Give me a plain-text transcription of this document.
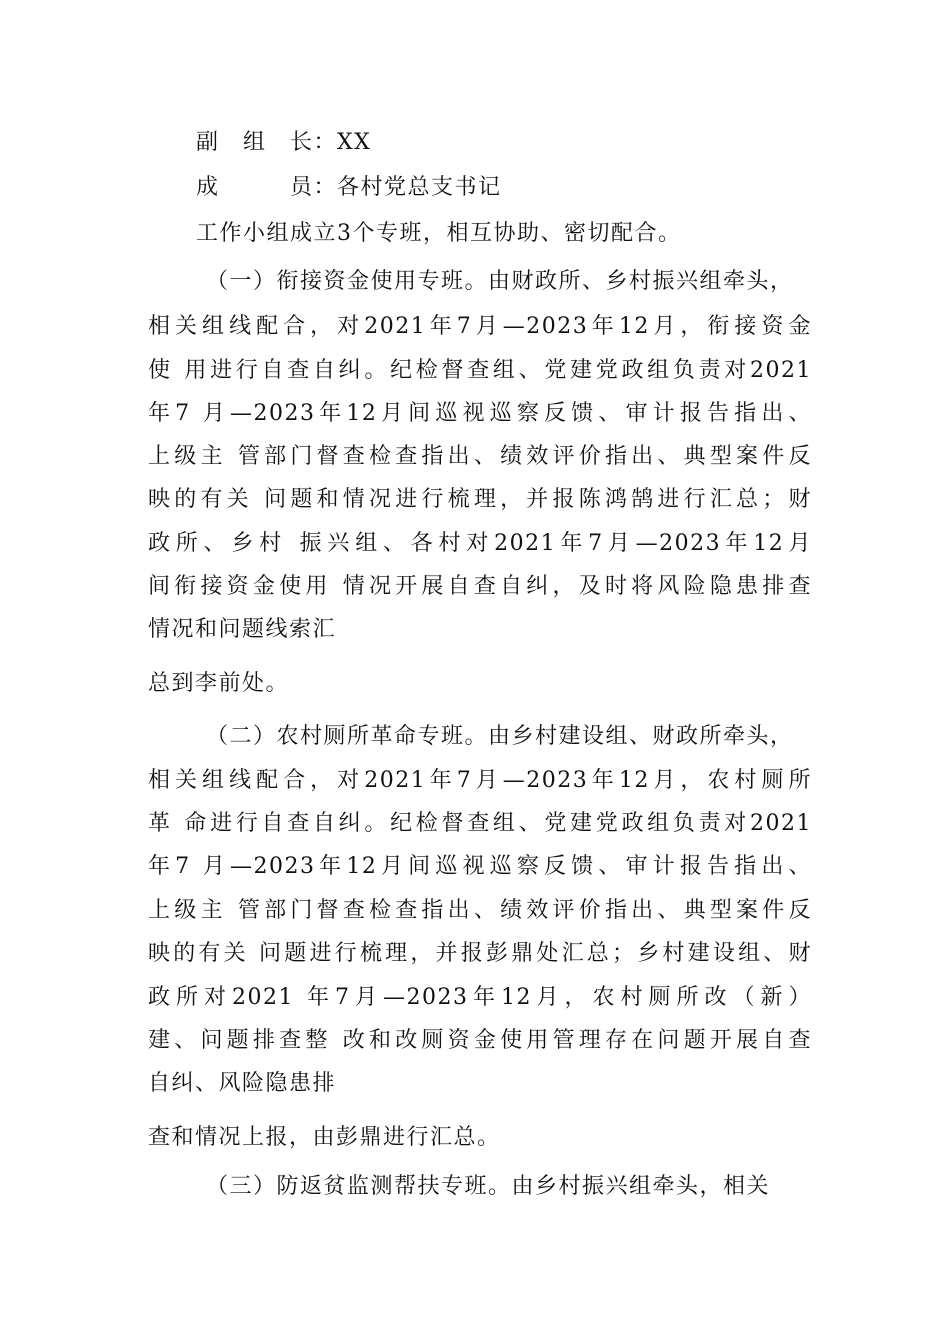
副　组　长：XX
成　　　员：各村党总支书记
工作小组成立3个专班，相互协助、密切配合。
（一）衔接资金使用专班。由财政所、乡村振兴组牵头，
相关组线配合，对2021年7月—2023年12月，衔接资金
使 用进行自查自纠。纪检督查组、党建党政组负责对2021
年7 月—2023年12月间巡视巡察反馈、审计报告指出、
上级主 管部门督查检查指出、绩效评价指出、典型案件反
映的有关 问题和情况进行梳理，并报陈鸿鹄进行汇总；财
政所、乡村 振兴组、各村对2021年7月—2023年12月
间衔接资金使用 情况开展自查自纠，及时将风险隐患排查
情况和问题线索汇
总到李前处。
（二）农村厕所革命专班。由乡村建设组、财政所牵头，
相关组线配合，对2021年7月—2023年12月，农村厕所
革 命进行自查自纠。纪检督查组、党建党政组负责对2021
年7 月—2023年12月间巡视巡察反馈、审计报告指出、
上级主 管部门督查检查指出、绩效评价指出、典型案件反
映的有关 问题进行梳理，并报彭鼎处汇总；乡村建设组、财
政所对2021 年7月—2023年12月，农村厕所改（新）
建、问题排查整 改和改厕资金使用管理存在问题开展自查
自纠、风险隐患排
查和情况上报，由彭鼎进行汇总。
（三）防返贫监测帮扶专班。由乡村振兴组牵头，相关
